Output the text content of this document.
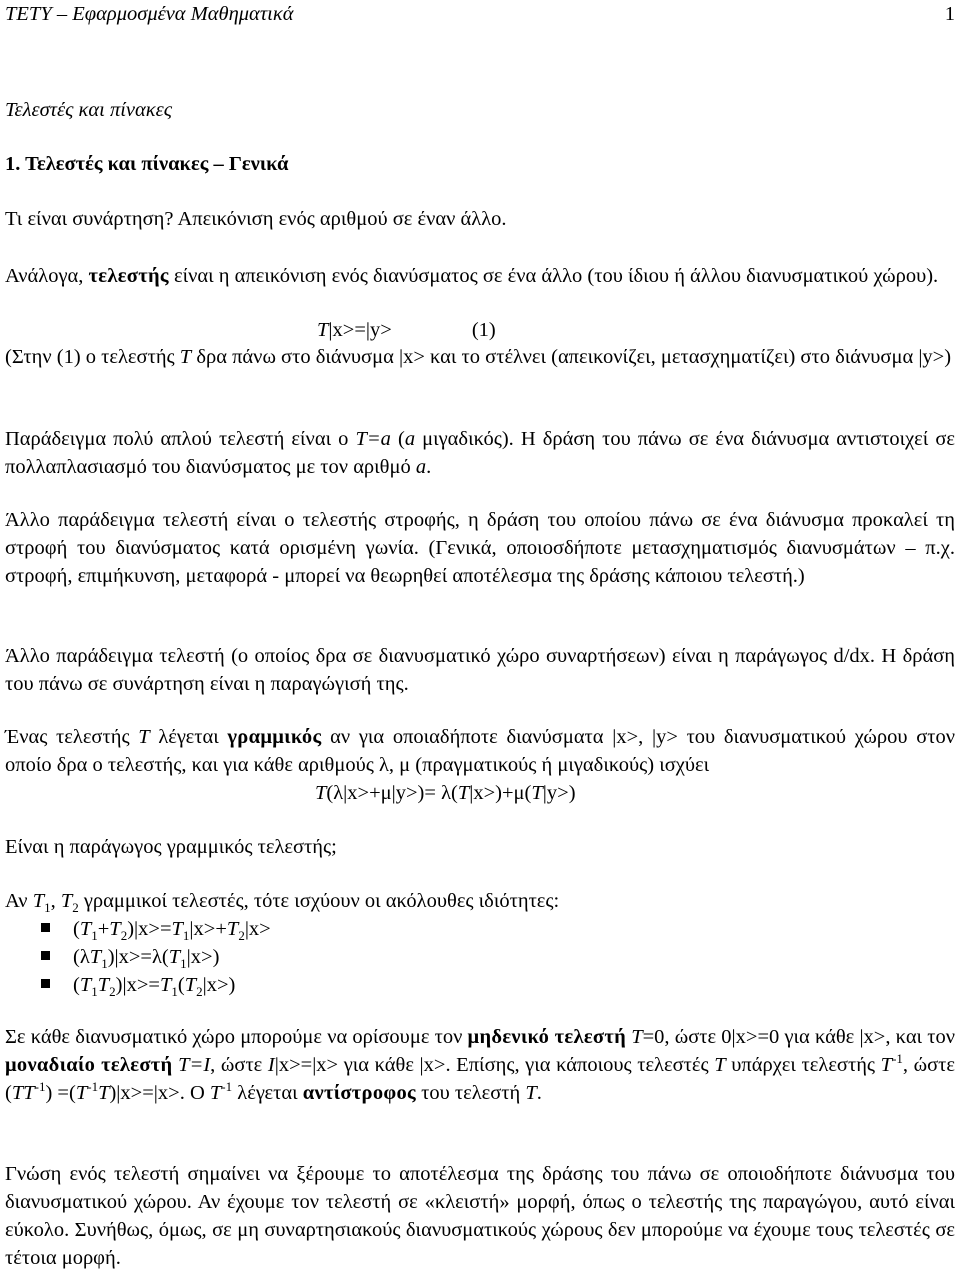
ΤΕΤΥ – Εφαρμοσμένα Μαθηματικά	1
Τελεστές και πίνακες
1. Τελεστές και πίνακες – Γενικά
Τι είναι συνάρτηση? Απεικόνιση ενός αριθμού σε έναν άλλο.
Ανάλογα, τελεστής είναι η απεικόνιση ενός διανύσματος σε ένα άλλο (του ίδιου ή άλλου διανυσματικού χώρου).
T|x>=|y>	(1)
(Στην (1) ο τελεστής T δρα πάνω στο διάνυσμα |x> και το στέλνει (απεικονίζει, μετασχηματίζει) στο διάνυσμα |y>)
Παράδειγμα πολύ απλού τελεστή είναι ο T=a (a μιγαδικός). Η δράση του πάνω σε ένα διάνυσμα αντιστοιχεί σε πολλαπλασιασμό του διανύσματος με τον αριθμό a.
Άλλο παράδειγμα τελεστή είναι ο τελεστής στροφής, η δράση του οποίου πάνω σε ένα διάνυσμα προκαλεί τη στροφή του διανύσματος κατά ορισμένη γωνία. (Γενικά, οποιοσδήποτε μετασχηματισμός διανυσμάτων – π.χ. στροφή, επιμήκυνση, μεταφορά - μπορεί να θεωρηθεί αποτέλεσμα της δράσης κάποιου τελεστή.)
Άλλο παράδειγμα τελεστή (ο οποίος δρα σε διανυσματικό χώρο συναρτήσεων) είναι η παράγωγος d/dx. Η δράση του πάνω σε συνάρτηση είναι η παραγώγισή της.
Ένας τελεστής T λέγεται γραμμικός αν για οποιαδήποτε διανύσματα |x>, |y> του διανυσματικού χώρου στον οποίο δρα ο τελεστής, και για κάθε αριθμούς λ, μ (πραγματικούς ή μιγαδικούς) ισχύει
T(λ|x>+μ|y>)= λ(T|x>)+μ(T|y>)
Είναι η παράγωγος γραμμικός τελεστής;
Αν $T_1$, $T_2$ γραμμικοί τελεστές, τότε ισχύουν οι ακόλουθες ιδιότητες:
$(T_1+T_2)|x>=T_1|x>+T_2|x>$
$(\lambda T_1)|x>=\lambda(T_1|x>)$
$(T_1T_2)|x>=T_1(T_2|x>)$
Σε κάθε διανυσματικό χώρο μπορούμε να ορίσουμε τον μηδενικό τελεστή T=0, ώστε 0|x>=0 για κάθε |x>, και τον μοναδιαίο τελεστή T=I, ώστε I|x>=|x> για κάθε |x>. Επίσης, για κάποιους τελεστές T υπάρχει τελεστής $T^{-1}$, ώστε $(TT^{-1}) =(T^{-1}T)|x>=|x>$. Ο $T^{-1}$ λέγεται αντίστροφος του τελεστή T.
Γνώση ενός τελεστή σημαίνει να ξέρουμε το αποτέλεσμα της δράσης του πάνω σε οποιοδήποτε διάνυσμα του διανυσματικού χώρου. Αν έχουμε τον τελεστή σε «κλειστή» μορφή, όπως ο τελεστής της παραγώγου, αυτό είναι εύκολο. Συνήθως, όμως, σε μη συναρτησιακούς διανυσματικούς χώρους δεν μπορούμε να έχουμε τους τελεστές σε τέτοια μορφή.
